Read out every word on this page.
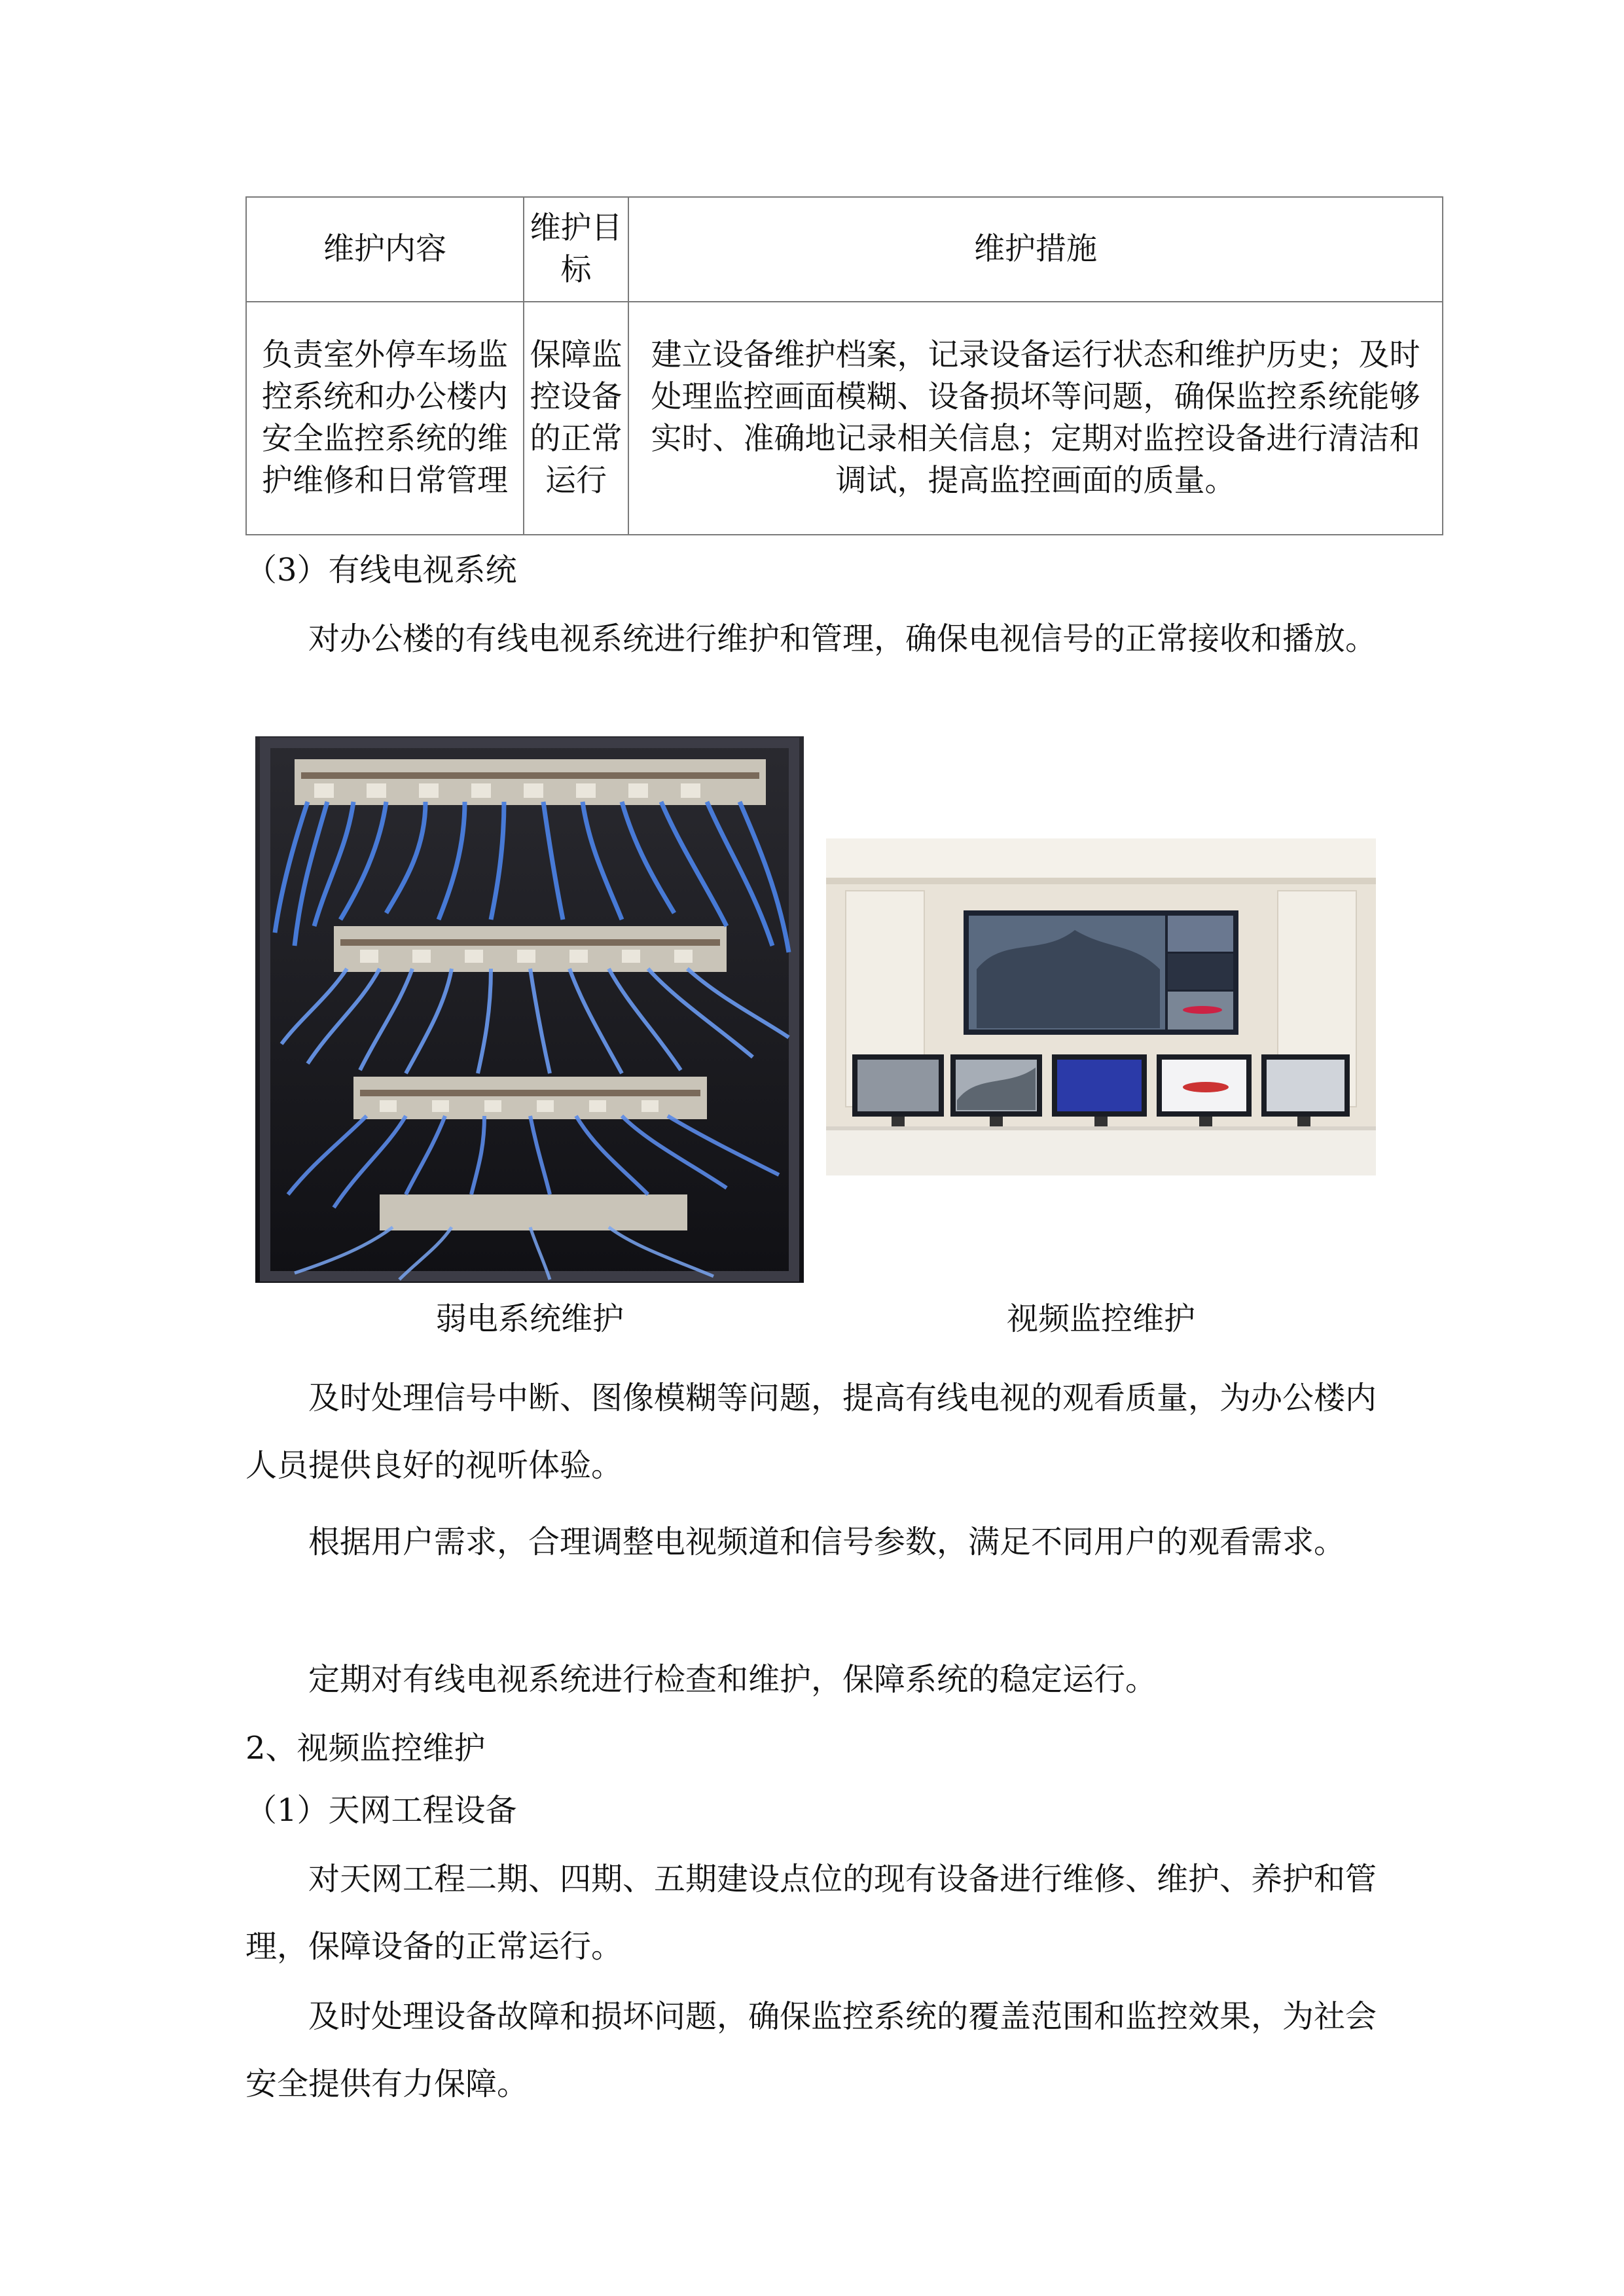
维护内容	维护目标	维护措施
负责室外停车场监控系统和办公楼内安全监控系统的维护维修和日常管理	保障监控设备的正常运行	建立设备维护档案，记录设备运行状态和维护历史；及时处理监控画面模糊、设备损坏等问题，确保监控系统能够实时、准确地记录相关信息；定期对监控设备进行清洁和调试，提高监控画面的质量。

（3）有线电视系统

对办公楼的有线电视系统进行维护和管理，确保电视信号的正常接收和播放。

弱电系统维护	视频监控维护

及时处理信号中断、图像模糊等问题，提高有线电视的观看质量，为办公楼内人员提供良好的视听体验。

根据用户需求，合理调整电视频道和信号参数，满足不同用户的观看需求。

定期对有线电视系统进行检查和维护，保障系统的稳定运行。

2、视频监控维护

（1）天网工程设备

对天网工程二期、四期、五期建设点位的现有设备进行维修、维护、养护和管理，保障设备的正常运行。

及时处理设备故障和损坏问题，确保监控系统的覆盖范围和监控效果，为社会安全提供有力保障。
